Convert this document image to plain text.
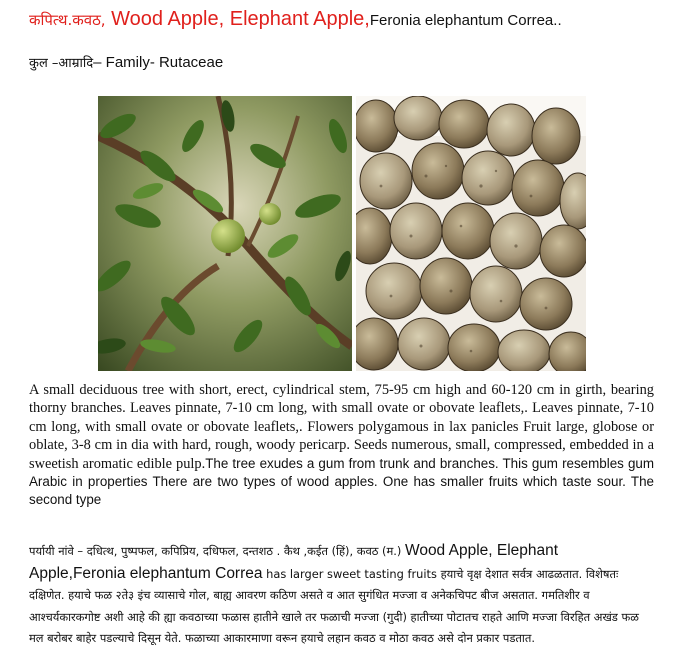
कपित्थ.कवठ, Wood Apple, Elephant Apple,Feronia elephantum Correa..
कुल –आम्रादि– Family- Rutaceae
A small deciduous tree with short, erect, cylindrical stem, 75-95 cm high and 60-120 cm in girth, bearing thorny branches. Leaves pinnate, 7-10 cm long, with small ovate or obovate leaflets,. Leaves pinnate, 7-10 cm long, with small ovate or obovate leaflets,. Flowers polygamous in lax panicles Fruit large, globose or oblate, 3-8 cm in dia with hard, rough, woody pericarp. Seeds numerous, small, compressed, embedded in a sweetish aromatic edible pulp.The tree exudes a gum from trunk and branches. This gum resembles gum Arabic in properties There are two types of wood apples. One has smaller fruits which taste sour. The second type
पर्यायी नांवे – दधित्थ, पुष्पफल, कपिप्रिय, दधिफल, दन्तशठ . कैथ ,कईत (हिं), कवठ (म.) Wood Apple, Elephant Apple,Feronia elephantum Correa has larger sweet tasting fruits हयाचे वृक्ष देशात सर्वत्र आढळतात. विशेषतः दक्षिणेत. हयाचे फळ २ते३ इंच व्यासाचे गोल, बाह्य आवरण कठिण असते व आत सुगंधित मज्जा व अनेकचिपट बीज असतात. गमतिशीर व आश्चर्यकारकगोष्ट अशी आहे की ह्या कवठाच्या फळास हातीने खाले तर फळाची मज्जा (गुदी) हातीच्या पोटातच राहते आणि मज्जा विरहित अखंड फळ मल बरोबर बाहेर पडल्याचे दिसून येते. फळाच्या आकारमाणा वरून हयाचे लहान कवठ व मोठा कवठ असे दोन प्रकार पडतात.
